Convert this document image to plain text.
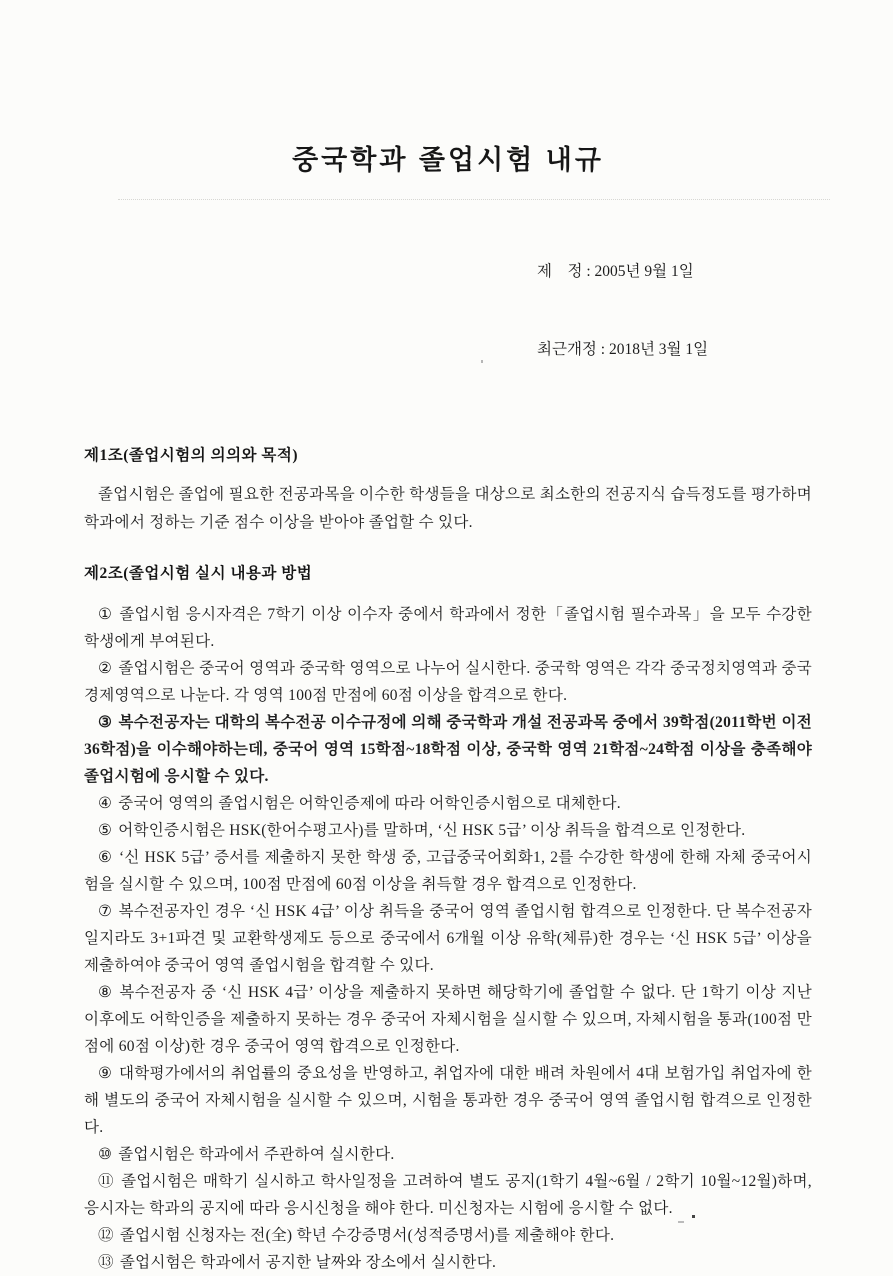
중국학과 졸업시험 내규

제    정 : 2005년 9월 1일

최근개정 : 2018년 3월 1일

제1조(졸업시험의 의의와 목적)

졸업시험은 졸업에 필요한 전공과목을 이수한 학생들을 대상으로 최소한의 전공지식 습득정도를 평가하며 학과에서 정하는 기준 점수 이상을 받아야 졸업할 수 있다.

제2조(졸업시험 실시 내용과 방법

① 졸업시험 응시자격은 7학기 이상 이수자 중에서 학과에서 정한「졸업시험 필수과목」을 모두 수강한 학생에게 부여된다.

② 졸업시험은 중국어 영역과 중국학 영역으로 나누어 실시한다. 중국학 영역은 각각 중국정치영역과 중국경제영역으로 나눈다. 각 영역 100점 만점에 60점 이상을 합격으로 한다.

③ 복수전공자는 대학의 복수전공 이수규정에 의해 중국학과 개설 전공과목 중에서 39학점(2011학번 이전 36학점)을 이수해야하는데, 중국어 영역 15학점~18학점 이상, 중국학 영역 21학점~24학점 이상을 충족해야 졸업시험에 응시할 수 있다.

④ 중국어 영역의 졸업시험은 어학인증제에 따라 어학인증시험으로 대체한다.

⑤ 어학인증시험은 HSK(한어수평고사)를 말하며, ‘신 HSK 5급’ 이상 취득을 합격으로 인정한다.

⑥ ‘신 HSK 5급’ 증서를 제출하지 못한 학생 중, 고급중국어회화1, 2를 수강한 학생에 한해 자체 중국어시험을 실시할 수 있으며, 100점 만점에 60점 이상을 취득할 경우 합격으로 인정한다.

⑦ 복수전공자인 경우 ‘신 HSK 4급’ 이상 취득을 중국어 영역 졸업시험 합격으로 인정한다. 단 복수전공자일지라도 3+1파견 및 교환학생제도 등으로 중국에서 6개월 이상 유학(체류)한 경우는 ‘신 HSK 5급’ 이상을 제출하여야 중국어 영역 졸업시험을 합격할 수 있다.

⑧ 복수전공자 중 ‘신 HSK 4급’ 이상을 제출하지 못하면 해당학기에 졸업할 수 없다. 단 1학기 이상 지난 이후에도 어학인증을 제출하지 못하는 경우 중국어 자체시험을 실시할 수 있으며, 자체시험을 통과(100점 만점에 60점 이상)한 경우 중국어 영역 합격으로 인정한다.

⑨ 대학평가에서의 취업률의 중요성을 반영하고, 취업자에 대한 배려 차원에서 4대 보험가입 취업자에 한해 별도의 중국어 자체시험을 실시할 수 있으며, 시험을 통과한 경우 중국어 영역 졸업시험 합격으로 인정한다.

⑩ 졸업시험은 학과에서 주관하여 실시한다.

⑪ 졸업시험은 매학기 실시하고 학사일정을 고려하여 별도 공지(1학기 4월~6월 / 2학기 10월~12월)하며, 응시자는 학과의 공지에 따라 응시신청을 해야 한다. 미신청자는 시험에 응시할 수 없다.

⑫ 졸업시험 신청자는 전(全) 학년 수강증명서(성적증명서)를 제출해야 한다.

⑬ 졸업시험은 학과에서 공지한 날짜와 장소에서 실시한다.
